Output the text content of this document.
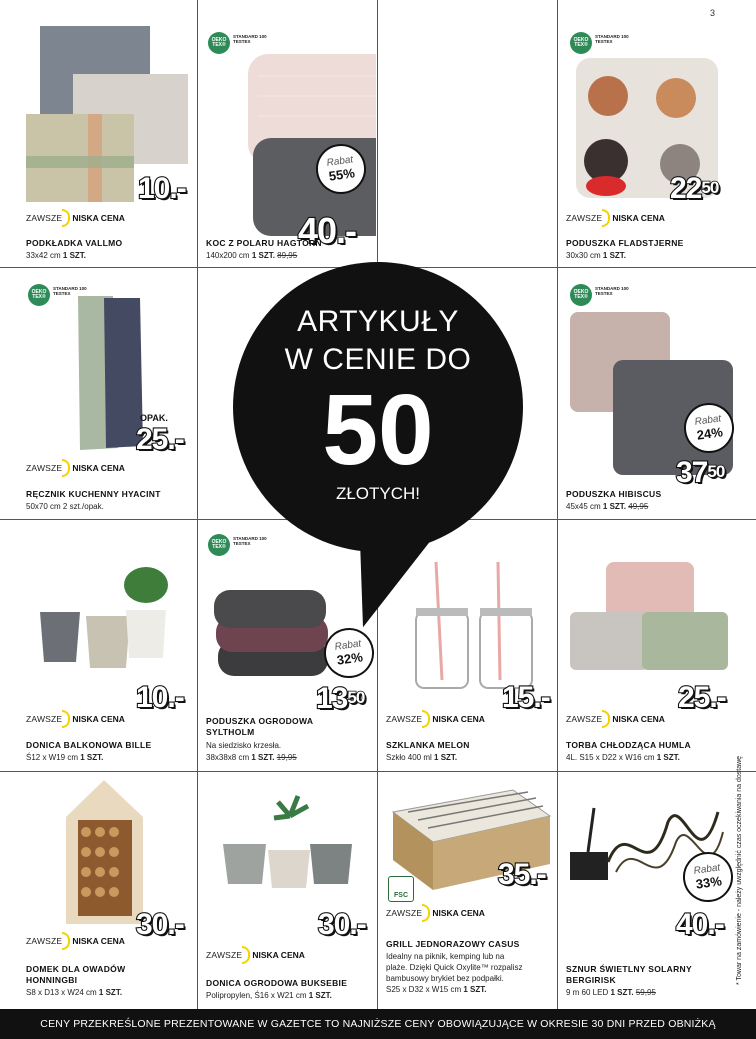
3
10.-
ZAWSZE NISKA CENA
PODKŁADKA VALLMO
33x42 cm 1 SZT.
OEKO TEX®
STANDARD 100
TESTEX
Rabat
55%
40.-
KOC Z POLARU HAGTORN
140x200 cm 1 SZT. 89,95
OEKO TEX®
STANDARD 100
TESTEX
$22^{50}$
ZAWSZE NISKA CENA
PODUSZKA FLADSTJERNE
30x30 cm 1 SZT.
OEKO TEX®
STANDARD 100
TESTEX
OPAK.
25.-
ZAWSZE NISKA CENA
RĘCZNIK KUCHENNY HYACINT
50x70 cm 2 szt./opak.
ARTYKUŁY
W CENIE DO
50
ZŁOTYCH!
OEKO TEX®
STANDARD 100
TESTEX
Rabat
24%
$37^{50}$
PODUSZKA HIBISCUS
45x45 cm 1 SZT. 49,95
10.-
ZAWSZE NISKA CENA
DONICA BALKONOWA BILLE
Ś12 x W19 cm 1 SZT.
OEKO TEX®
STANDARD 100
TESTEX
Rabat
32%
$13^{50}$
PODUSZKA OGRODOWA
SYLTHOLM
Na siedzisko krzesła.
38x38x8 cm 1 SZT. 19,95
15.-
ZAWSZE NISKA CENA
SZKLANKA MELON
Szkło 400 ml 1 SZT.
25.-
ZAWSZE NISKA CENA
TORBA CHŁODZĄCA HUMLA
4L. S15 x D22 x W16 cm 1 SZT.
30.-
ZAWSZE NISKA CENA
DOMEK DLA OWADÓW
HONNINGBI
S8 x D13 x W24 cm 1 SZT.
30.-
ZAWSZE NISKA CENA
DONICA OGRODOWA BUKSEBIE
Polipropylen, Ś16 x W21 cm 1 SZT.
35.-
FSC
ZAWSZE NISKA CENA
GRILL JEDNORAZOWY CASUS
Idealny na piknik, kemping lub na
plaże. Dzięki Quick Oxylite™ rozpalisz
bambusowy brykiet bez podpałki.
S25 x D32 x W15 cm 1 SZT.
Rabat
33%
40.-
SZNUR ŚWIETLNY SOLARNY
BERGIRISK
9 m 60 LED 1 SZT. 59,95
* Towar na zamówienie - należy uwzględnić czas oczekiwania na dostawę
CENY PRZEKREŚLONE PREZENTOWANE W GAZETCE TO NAJNIŻSZE CENY OBOWIĄZUJĄCE W OKRESIE 30 DNI PRZED OBNIŻKĄ
